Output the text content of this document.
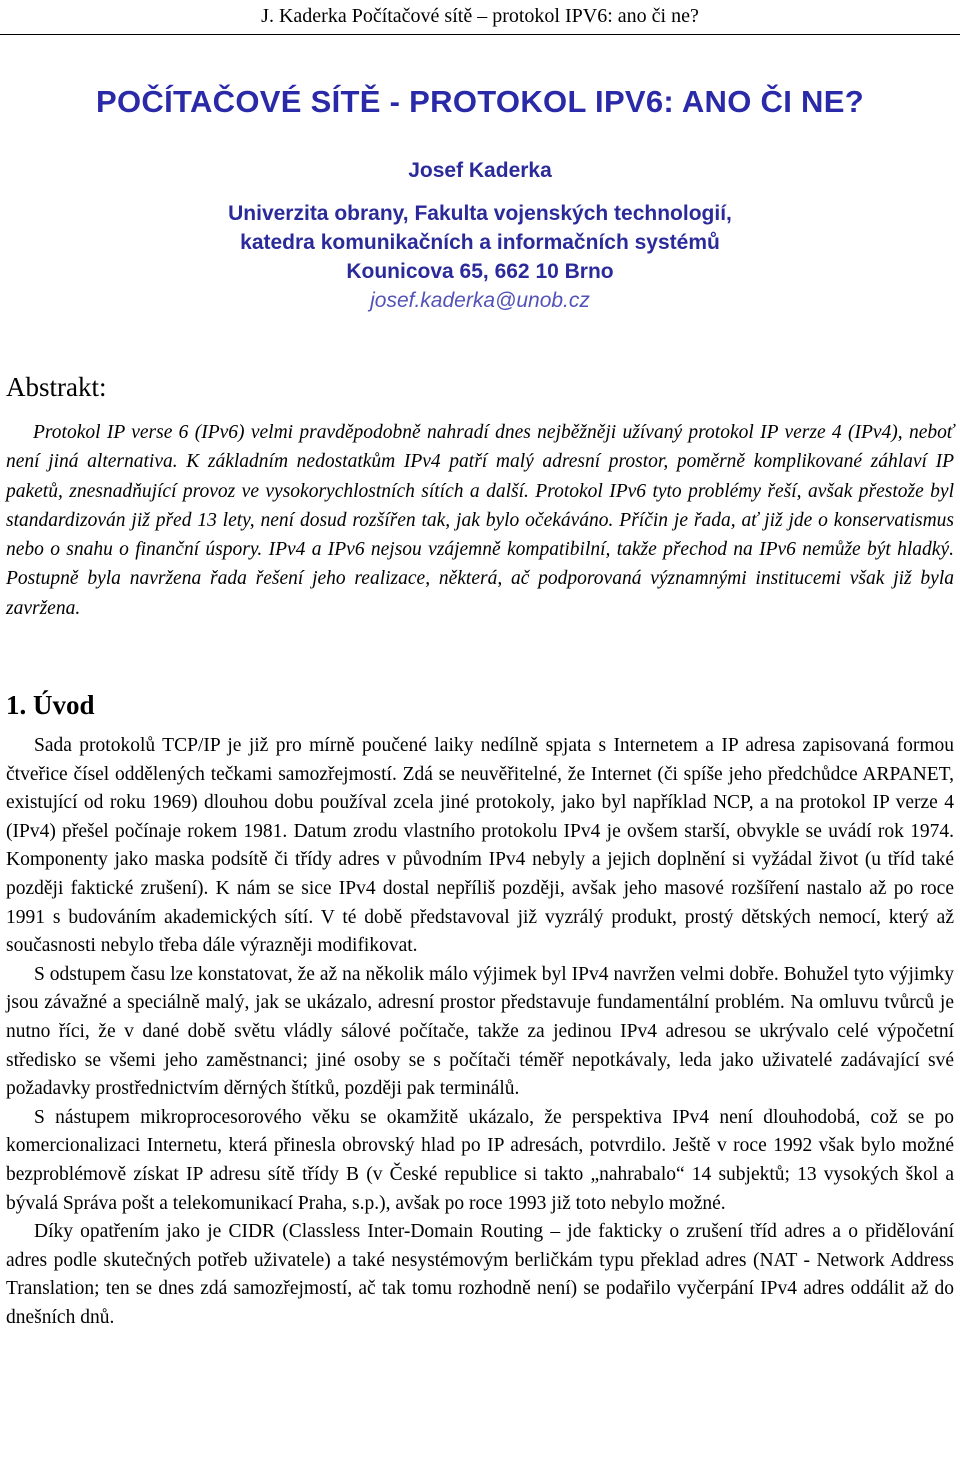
J. Kaderka Počítačové sítě – protokol IPV6: ano či ne?
POČÍTAČOVÉ SÍTĚ - PROTOKOL IPV6: ANO ČI NE?
Josef Kaderka
Univerzita obrany, Fakulta vojenských technologií,
katedra komunikačních a informačních systémů
Kounicova 65, 662 10 Brno
josef.kaderka@unob.cz
Abstrakt:
Protokol IP verse 6 (IPv6) velmi pravděpodobně nahradí dnes nejběžněji užívaný protokol IP verze 4 (IPv4), neboť není jiná alternativa. K základním nedostatkům IPv4 patří malý adresní prostor, poměrně komplikované záhlaví IP paketů, znesnadňující provoz ve vysokorychlostních sítích a další. Protokol IPv6 tyto problémy řeší, avšak přestože byl standardizován již před 13 lety, není dosud rozšířen tak, jak bylo očekáváno. Příčin je řada, ať již jde o konservatismus nebo o snahu o finanční úspory. IPv4 a IPv6 nejsou vzájemně kompatibilní, takže přechod na IPv6 nemůže být hladký. Postupně byla navržena řada řešení jeho realizace, některá, ač podporovaná významnými institucemi však již byla zavržena.
1. Úvod

Sada protokolů TCP/IP je již pro mírně poučené laiky nedílně spjata s Internetem a IP adresa zapisovaná formou čtveřice čísel oddělených tečkami samozřejmostí. Zdá se neuvěřitelné, že Internet (či spíše jeho předchůdce ARPANET, existující od roku 1969) dlouhou dobu používal zcela jiné protokoly, jako byl například NCP, a na protokol IP verze 4 (IPv4) přešel počínaje rokem 1981. Datum zrodu vlastního protokolu IPv4 je ovšem starší, obvykle se uvádí rok 1974. Komponenty jako maska podsítě či třídy adres v původním IPv4 nebyly a jejich doplnění si vyžádal život (u tříd také později faktické zrušení). K nám se sice IPv4 dostal nepříliš později, avšak jeho masové rozšíření nastalo až po roce 1991 s budováním akademických sítí. V té době představoval již vyzrálý produkt, prostý dětských nemocí, který až současnosti nebylo třeba dále výrazněji modifikovat.

S odstupem času lze konstatovat, že až na několik málo výjimek byl IPv4 navržen velmi dobře. Bohužel tyto výjimky jsou závažné a speciálně malý, jak se ukázalo, adresní prostor představuje fundamentální problém. Na omluvu tvůrců je nutno říci, že v dané době světu vládly sálové počítače, takže za jedinou IPv4 adresou se ukrývalo celé výpočetní středisko se všemi jeho zaměstnanci; jiné osoby se s počítači téměř nepotkávaly, leda jako uživatelé zadávající své požadavky prostřednictvím děrných štítků, později pak terminálů.

S nástupem mikroprocesorového věku se okamžitě ukázalo, že perspektiva IPv4 není dlouhodobá, což se po komercionalizaci Internetu, která přinesla obrovský hlad po IP adresách, potvrdilo. Ještě v roce 1992 však bylo možné bezproblémově získat IP adresu sítě třídy B (v České republice si takto „nahrabalo“ 14 subjektů; 13 vysokých škol a bývalá Správa pošt a telekomunikací Praha, s.p.), avšak po roce 1993 již toto nebylo možné.

Díky opatřením jako je CIDR (Classless Inter-Domain Routing – jde fakticky o zrušení tříd adres a o přidělování adres podle skutečných potřeb uživatele) a také nesystémovým berličkám typu překlad adres (NAT - Network Address Translation; ten se dnes zdá samozřejmostí, ač tak tomu rozhodně není) se podařilo vyčerpání IPv4 adres oddálit až do dnešních dnů.
